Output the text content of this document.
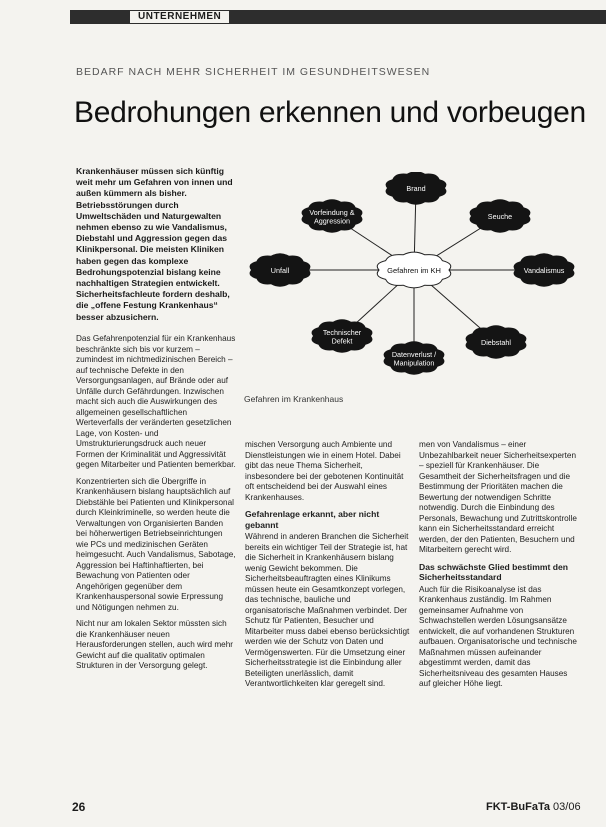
UNTERNEHMEN
BEDARF NACH MEHR SICHERHEIT IM GESUNDHEITSWESEN
Bedrohungen erkennen und vorbeugen

Krankenhäuser müssen sich künftig weit mehr um Gefahren von innen und außen kümmern als bisher. Betriebsstörungen durch Umweltschäden und Naturgewalten nehmen ebenso zu wie Vandalismus, Diebstahl und Aggression gegen das Klinikpersonal. Die meisten Kliniken haben gegen das komplexe Bedrohungspotenzial bislang keine nachhaltigen Strategien entwickelt. Sicherheitsfachleute fordern deshalb, die „offene Festung Krankenhaus“ besser abzusichern.

Brand
Vorfeindung & Aggression	Seuche
Unfall	Vandalismus
Technischer Defekt
Datenverlust / Manipulation
Diebstahl
Gefahren im KH
Gefahren im Krankenhaus

Das Gefahrenpotenzial für ein Krankenhaus beschränkte sich bis vor kurzem – zumindest im nichtmedizinischen Bereich – auf technische Defekte in den Versorgungsanlagen, auf Brände oder auf Unfälle durch Gefährdungen. Inzwischen macht sich auch die Auswirkungen des allgemeinen gesellschaftlichen Werteverfalls der veränderten gesetzlichen Lage, von Kosten- und Umstrukturierungsdruck auch neuer Formen der Kriminalität und Aggressivität gegen Mitarbeiter und Patienten bemerkbar.

Konzentrierten sich die Übergriffe in Krankenhäusern bislang hauptsächlich auf Diebstähle bei Patienten und Klinikpersonal durch Kleinkriminelle, so werden heute die Verwaltungen von Organisierten Banden bei höherwertigen Betriebseinrichtungen wie PCs und medizinischen Geräten heimgesucht. Auch Vandalismus, Sabotage, Aggression bei Haftinhaftierten, bei Bewachung von Patienten oder Angehörigen gegenüber dem Krankenhauspersonal sowie Erpressung und Nötigungen nehmen zu.

Nicht nur am lokalen Sektor müssten sich die Krankenhäuser neuen Herausforderungen stellen, auch wird mehr Gewicht auf die qualitativ optimalen Strukturen in der Versorgung gelegt.

mischen Versorgung auch Ambiente und Dienstleistungen wie in einem Hotel. Dabei gibt das neue Thema Sicherheit, insbesondere bei der gebotenen Kontinuität oft entscheidend bei der Auswahl eines Krankenhauses.

Gefahrenlage erkannt, aber nicht gebannt

Während in anderen Branchen die Sicherheit bereits ein wichtiger Teil der Strategie ist, hat die Sicherheit in Krankenhäusern bislang wenig Gewicht bekommen. Die Sicherheitsbeauftragten eines Klinikums müssen heute ein Gesamtkonzept vorlegen, das technische, bauliche und organisatorische Maßnahmen verbindet. Der Schutz für Patienten, Besucher und Mitarbeiter muss dabei ebenso berücksichtigt werden wie der Schutz von Daten und Vermögenswerten. Für die Umsetzung einer Sicherheitsstrategie ist die Einbindung aller Beteiligten unerlässlich, damit Verantwortlichkeiten klar geregelt sind.

men von Vandalismus – einer Unbezahlbarkeit neuer Sicherheitsexperten – speziell für Krankenhäuser. Die Gesamtheit der Sicherheitsfragen und die Bestimmung der Prioritäten machen die Bewertung der notwendigen Schritte notwendig. Durch die Einbindung des Personals, Bewachung und Zutrittskontrolle kann ein Sicherheitsstandard erreicht werden, der den Patienten, Besuchern und Mitarbeitern gerecht wird.

Das schwächste Glied bestimmt den Sicherheitsstandard

Auch für die Risikoanalyse ist das Krankenhaus zuständig. Im Rahmen gemeinsamer Aufnahme von Schwachstellen werden Lösungsansätze entwickelt, die auf vorhandenen Strukturen aufbauen. Organisatorische und technische Maßnahmen müssen aufeinander abgestimmt werden, damit das Sicherheitsniveau des gesamten Hauses auf gleicher Höhe liegt.

26	FKT-BuFaTa 03/06
